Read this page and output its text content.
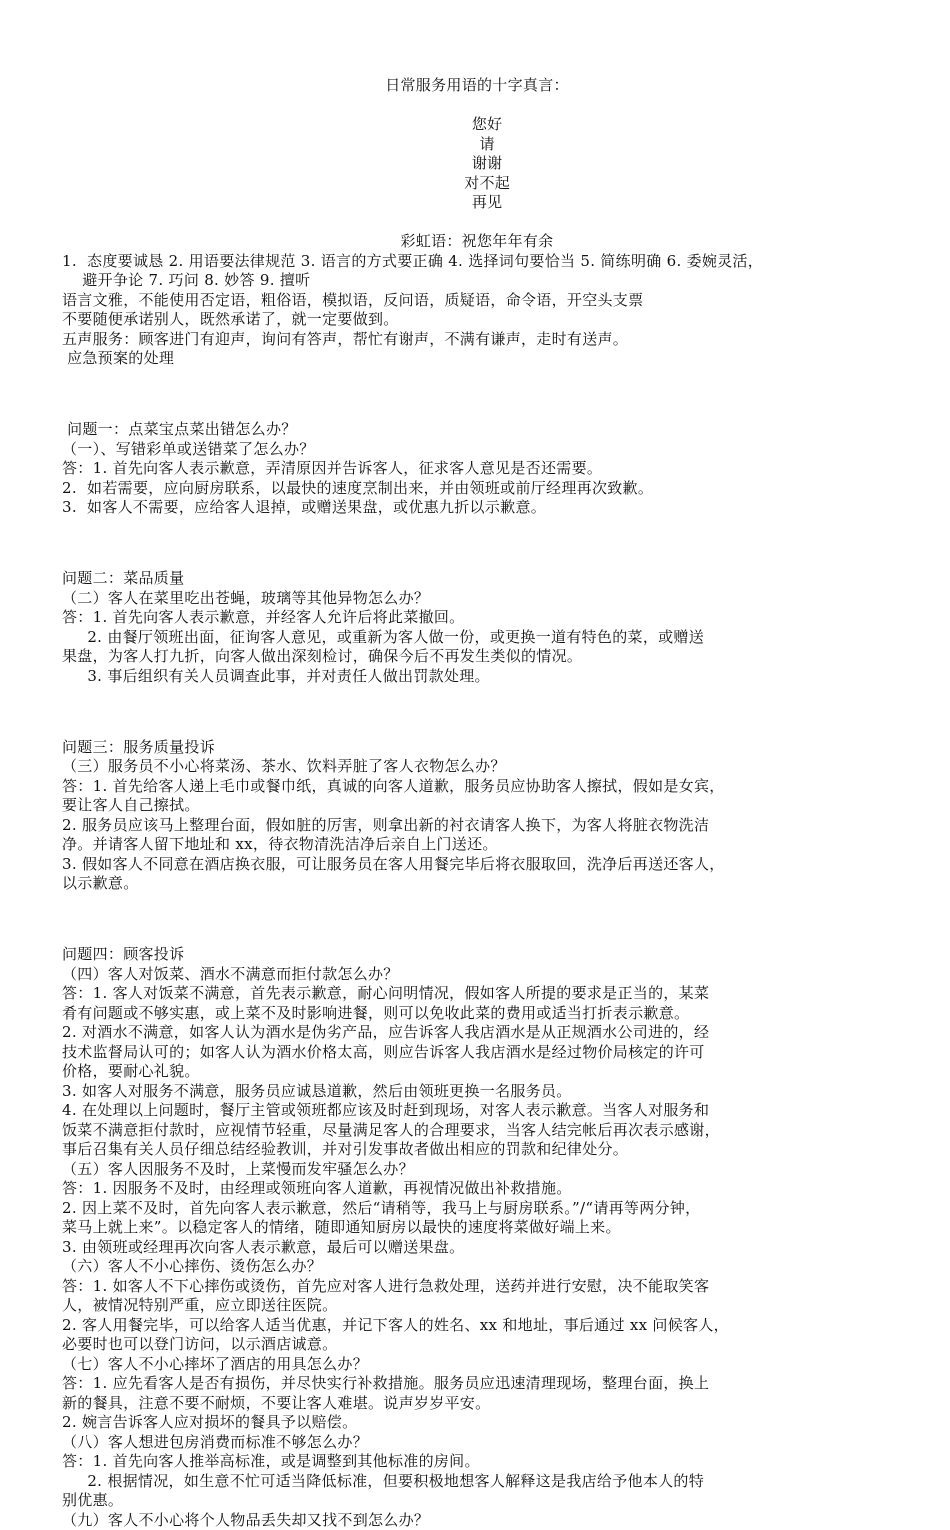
日常服务用语的十字真言：

您好
请
谢谢
对不起
再见

彩虹语：祝您年年有余

1.  态度要诚恳 2. 用语要法律规范 3. 语言的方式要正确 4. 选择词句要恰当 5. 简练明确 6. 委婉灵活，

避开争论 7. 巧问 8. 妙答 9. 擅听

语言文雅，不能使用否定语，粗俗语，模拟语，反问语，质疑语，命令语，开空头支票

不要随便承诺别人，既然承诺了，就一定要做到。

五声服务：顾客进门有迎声，询问有答声，帮忙有谢声，不满有谦声，走时有送声。

应急预案的处理

问题一：点菜宝点菜出错怎么办？

（一）、写错彩单或送错菜了怎么办？

答：1. 首先向客人表示歉意，弄清原因并告诉客人，征求客人意见是否还需要。

2.  如若需要，应向厨房联系，以最快的速度烹制出来，并由领班或前厅经理再次致歉。

3.  如客人不需要，应给客人退掉，或赠送果盘，或优惠九折以示歉意。

问题二：菜品质量

（二）客人在菜里吃出苍蝇，玻璃等其他异物怎么办？

答：1. 首先向客人表示歉意，并经客人允许后将此菜撤回。

2. 由餐厅领班出面，征询客人意见，或重新为客人做一份，或更换一道有特色的菜，或赠送

果盘，为客人打九折，向客人做出深刻检讨，确保今后不再发生类似的情况。

3. 事后组织有关人员调查此事，并对责任人做出罚款处理。

问题三：服务质量投诉

（三）服务员不小心将菜汤、茶水、饮料弄脏了客人衣物怎么办？

答：1. 首先给客人递上毛巾或餐巾纸，真诚的向客人道歉，服务员应协助客人擦拭，假如是女宾，

要让客人自己擦拭。

2. 服务员应该马上整理台面，假如脏的厉害，则拿出新的衬衣请客人换下，为客人将脏衣物洗洁

净。并请客人留下地址和 xx，待衣物清洗洁净后亲自上门送还。

3. 假如客人不同意在酒店换衣服，可让服务员在客人用餐完毕后将衣服取回，洗净后再送还客人，

以示歉意。

问题四：顾客投诉

（四）客人对饭菜、酒水不满意而拒付款怎么办？

答：1. 客人对饭菜不满意，首先表示歉意，耐心问明情况，假如客人所提的要求是正当的，某菜

肴有问题或不够实惠，或上菜不及时影响进餐，则可以免收此菜的费用或适当打折表示歉意。

2. 对酒水不满意，如客人认为酒水是伪劣产品，应告诉客人我店酒水是从正规酒水公司进的，经

技术监督局认可的；如客人认为酒水价格太高，则应告诉客人我店酒水是经过物价局核定的许可

价格，要耐心礼貌。

3. 如客人对服务不满意，服务员应诚恳道歉，然后由领班更换一名服务员。

4. 在处理以上问题时，餐厅主管或领班都应该及时赶到现场，对客人表示歉意。当客人对服务和

饭菜不满意拒付款时，应视情节轻重，尽量满足客人的合理要求，当客人结完帐后再次表示感谢，

事后召集有关人员仔细总结经验教训，并对引发事故者做出相应的罚款和纪律处分。

（五）客人因服务不及时，上菜慢而发牢骚怎么办？

答：1. 因服务不及时，由经理或领班向客人道歉，再视情况做出补救措施。

2. 因上菜不及时，首先向客人表示歉意，然后“请稍等，我马上与厨房联系。”/“请再等两分钟，

菜马上就上来”。以稳定客人的情绪，随即通知厨房以最快的速度将菜做好端上来。

3. 由领班或经理再次向客人表示歉意，最后可以赠送果盘。

（六）客人不小心摔伤、烫伤怎么办？

答：1. 如客人不下心摔伤或烫伤，首先应对客人进行急救处理，送药并进行安慰，决不能取笑客

人，被情况特别严重，应立即送往医院。

2. 客人用餐完毕，可以给客人适当优惠，并记下客人的姓名、xx 和地址，事后通过 xx 问候客人，

必要时也可以登门访问，以示酒店诚意。

（七）客人不小心摔坏了酒店的用具怎么办？

答：1. 应先看客人是否有损伤，并尽快实行补救措施。服务员应迅速清理现场，整理台面，换上

新的餐具，注意不要不耐烦，不要让客人难堪。说声岁岁平安。

2. 婉言告诉客人应对损坏的餐具予以赔偿。

（八）客人想进包房消费而标准不够怎么办？

答：1. 首先向客人推举高标准，或是调整到其他标准的房间。

2. 根据情况，如生意不忙可适当降低标准，但要积极地想客人解释这是我店给予他本人的特

别优惠。

（九）客人不小心将个人物品丢失却又找不到怎么办？
